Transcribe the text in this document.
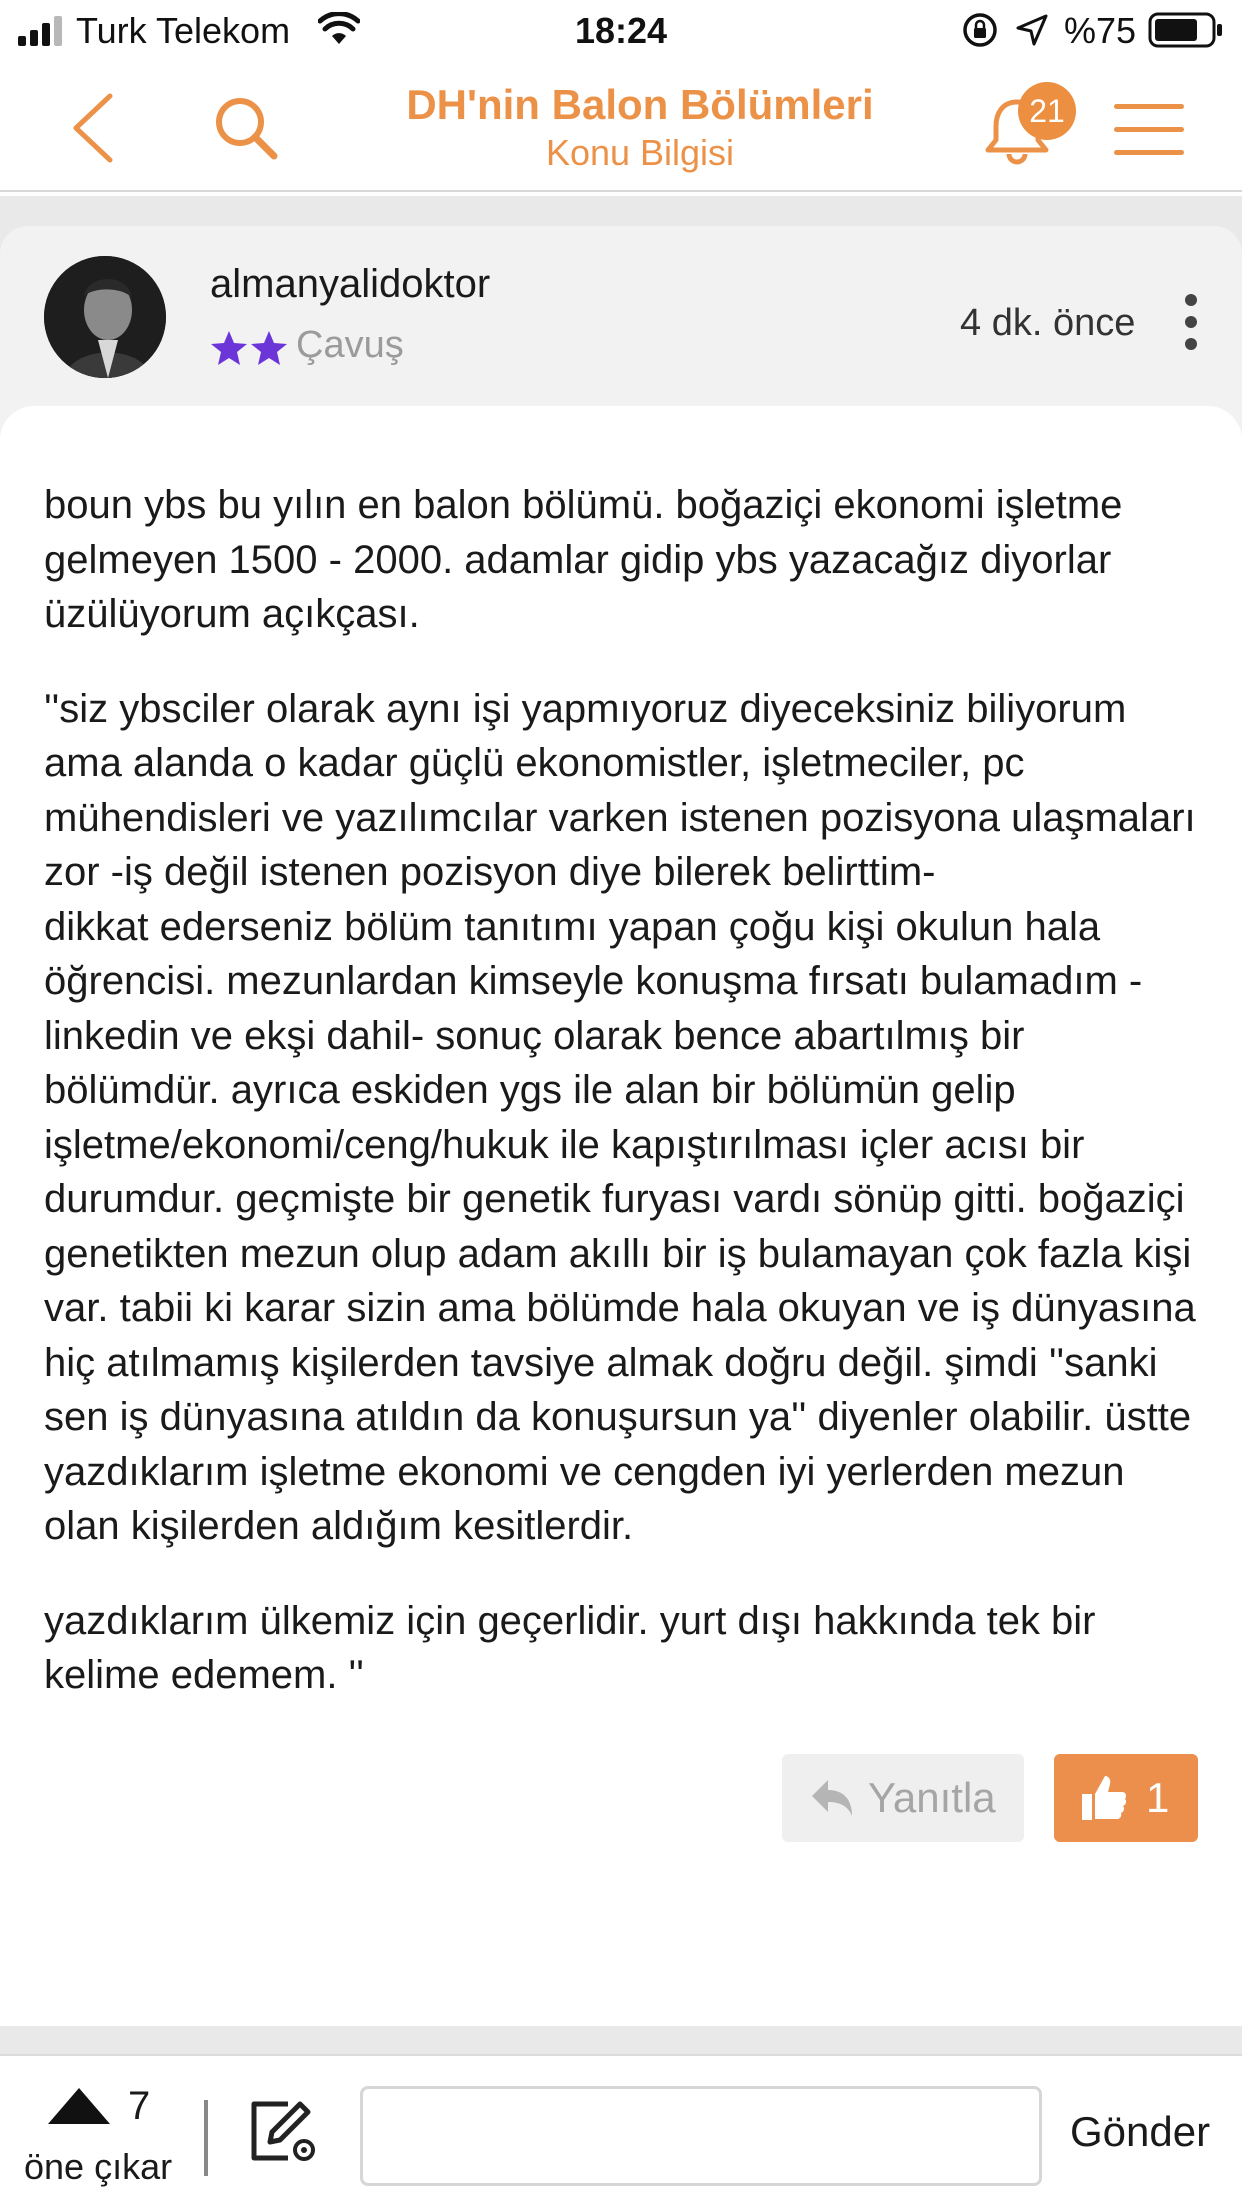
Turk Telekom	18:24	%75
DH'nin Balon Bölümleri
Konu Bilgisi
21
almanyalidoktor
Çavuş
4 dk. önce

boun ybs bu yılın en balon bölümü. boğaziçi ekonomi işletme gelmeyen 1500 - 2000. adamlar gidip ybs yazacağız diyorlar üzülüyorum açıkçası.

''siz ybsciler olarak aynı işi yapmıyoruz diyeceksiniz biliyorum ama alanda o kadar güçlü ekonomistler, işletmeciler, pc mühendisleri ve yazılımcılar varken istenen pozisyona ulaşmaları zor -iş değil istenen pozisyon diye bilerek belirttim-

dikkat ederseniz bölüm tanıtımı yapan çoğu kişi okulun hala öğrencisi. mezunlardan kimseyle konuşma fırsatı bulamadım -linkedin ve ekşi dahil- sonuç olarak bence abartılmış bir bölümdür. ayrıca eskiden ygs ile alan bir bölümün gelip işletme/ekonomi/ceng/hukuk ile kapıştırılması içler acısı bir durumdur. geçmişte bir genetik furyası vardı sönüp gitti. boğaziçi genetikten mezun olup adam akıllı bir iş bulamayan çok fazla kişi var. tabii ki karar sizin ama bölümde hala okuyan ve iş dünyasına hiç atılmamış kişilerden tavsiye almak doğru değil. şimdi ''sanki sen iş dünyasına atıldın da konuşursun ya'' diyenler olabilir. üstte yazdıklarım işletme ekonomi ve cengden iyi yerlerden mezun olan kişilerden aldığım kesitlerdir.

yazdıklarım ülkemiz için geçerlidir. yurt dışı hakkında tek bir kelime edemem. ''

Yanıtla	1
7
öne çıkar
Gönder
